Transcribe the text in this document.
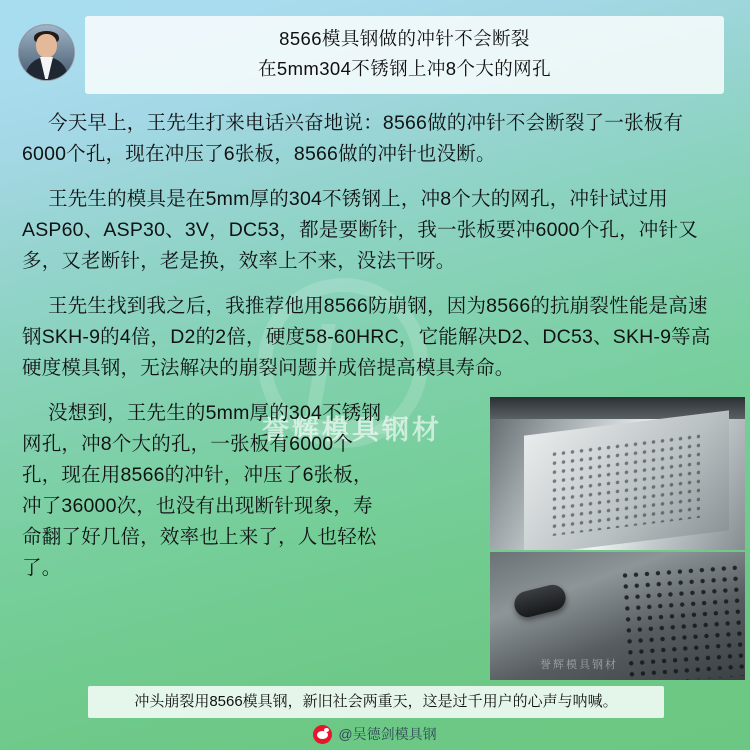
誉辉模具钢材
8566模具钢做的冲针不会断裂
在5mm304不锈钢上冲8个大的网孔

今天早上，王先生打来电话兴奋地说：8566做的冲针不会断裂了一张板有6000个孔，现在冲压了6张板，8566做的冲针也没断。

王先生的模具是在5mm厚的304不锈钢上，冲8个大的网孔，冲针试过用ASP60、ASP30、3V，DC53，都是要断针，我一张板要冲6000个孔，冲针又多，又老断针，老是换，效率上不来，没法干呀。

王先生找到我之后，我推荐他用8566防崩钢，因为8566的抗崩裂性能是高速钢SKH-9的4倍，D2的2倍，硬度58-60HRC，它能解决D2、DC53、SKH-9等高硬度模具钢，无法解决的崩裂问题并成倍提高模具寿命。

没想到，王先生的5mm厚的304不锈钢网孔，冲8个大的孔，一张板有6000个孔，现在用8566的冲针，冲压了6张板，冲了36000次，也没有出现断针现象，寿命翻了好几倍，效率也上来了，人也轻松了。

誉辉模具钢材
冲头崩裂用8566模具钢，新旧社会两重天，这是过千用户的心声与呐喊。
@吴德剑模具钢
